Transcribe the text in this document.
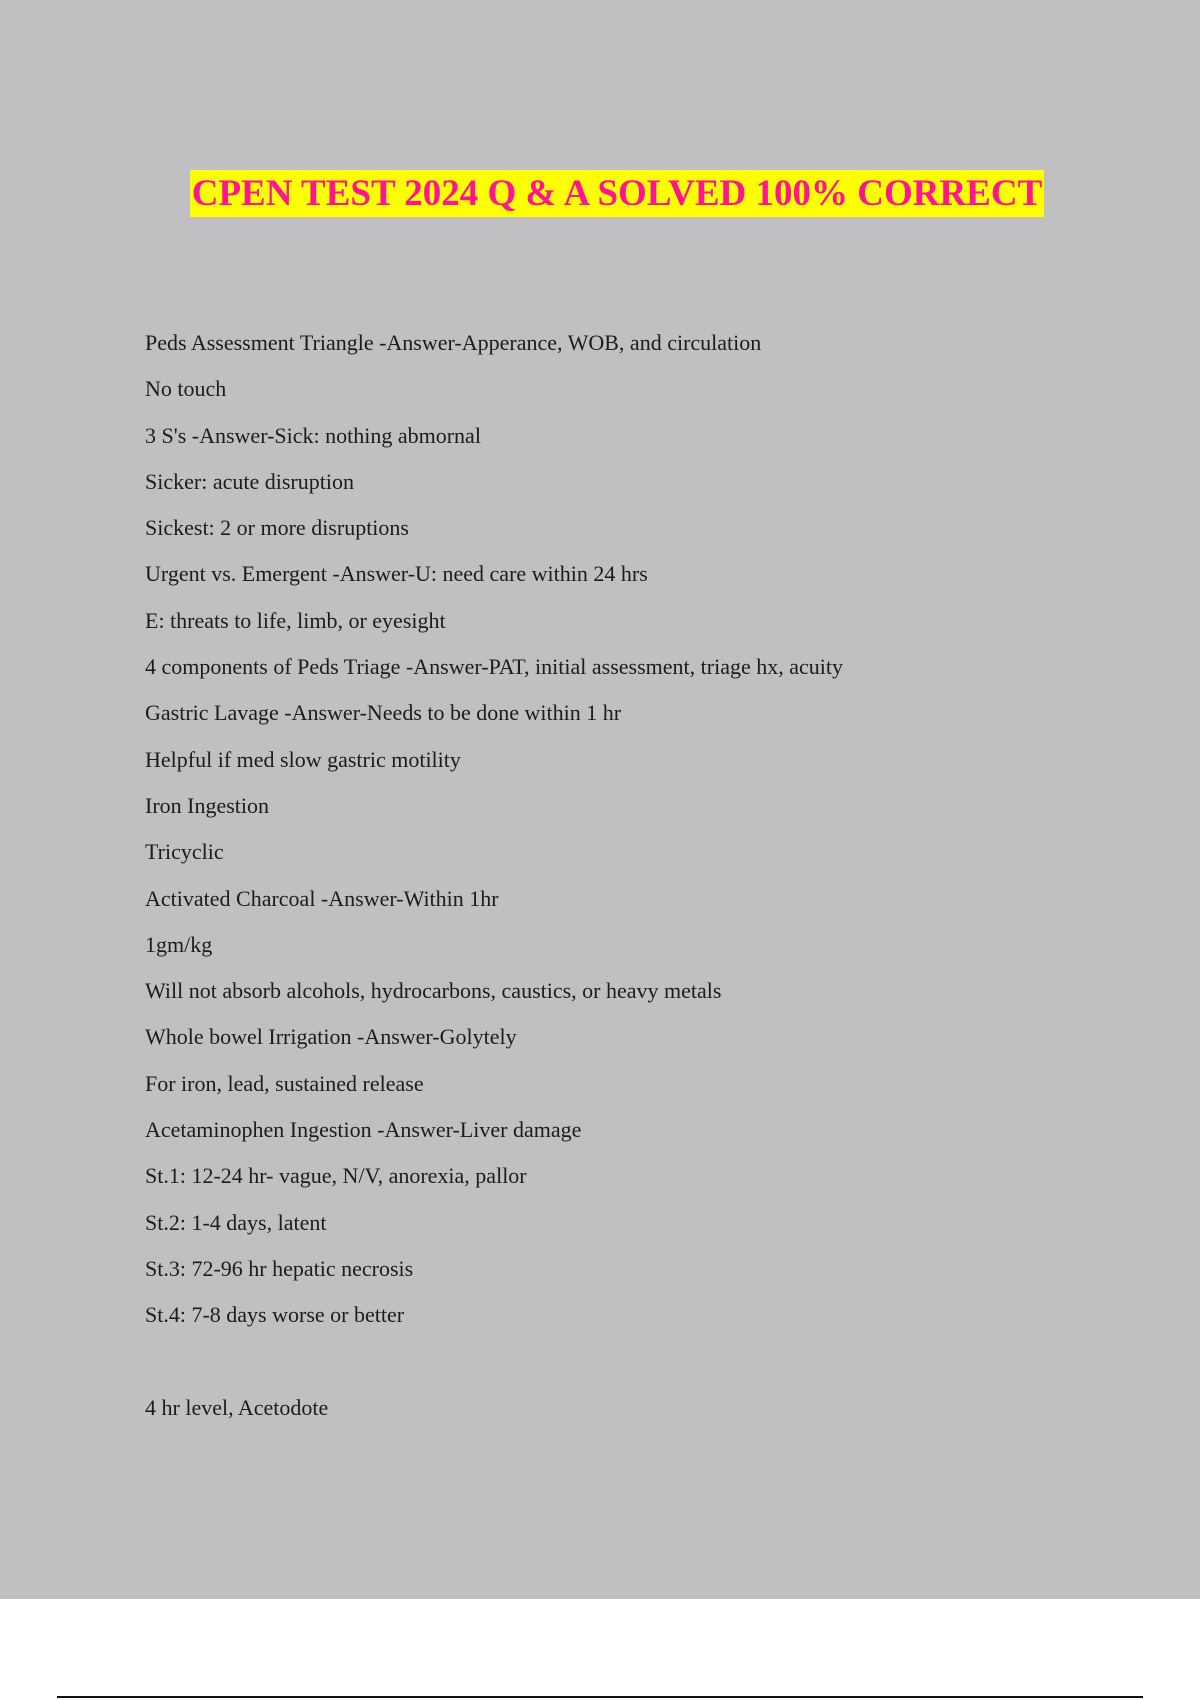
CPEN TEST 2024 Q & A SOLVED 100% CORRECT
Peds Assessment Triangle -Answer-Apperance, WOB, and circulation
No touch
3 S's -Answer-Sick: nothing abmornal
Sicker: acute disruption
Sickest: 2 or more disruptions
Urgent vs. Emergent -Answer-U: need care within 24 hrs
E: threats to life, limb, or eyesight
4 components of Peds Triage -Answer-PAT, initial assessment, triage hx, acuity
Gastric Lavage -Answer-Needs to be done within 1 hr
Helpful if med slow gastric motility
Iron Ingestion
Tricyclic
Activated Charcoal -Answer-Within 1hr
1gm/kg
Will not absorb alcohols, hydrocarbons, caustics, or heavy metals
Whole bowel Irrigation -Answer-Golytely
For iron, lead, sustained release
Acetaminophen Ingestion -Answer-Liver damage
St.1: 12-24 hr- vague, N/V, anorexia, pallor
St.2: 1-4 days, latent
St.3: 72-96 hr hepatic necrosis
St.4: 7-8 days worse or better
4 hr level, Acetodote
